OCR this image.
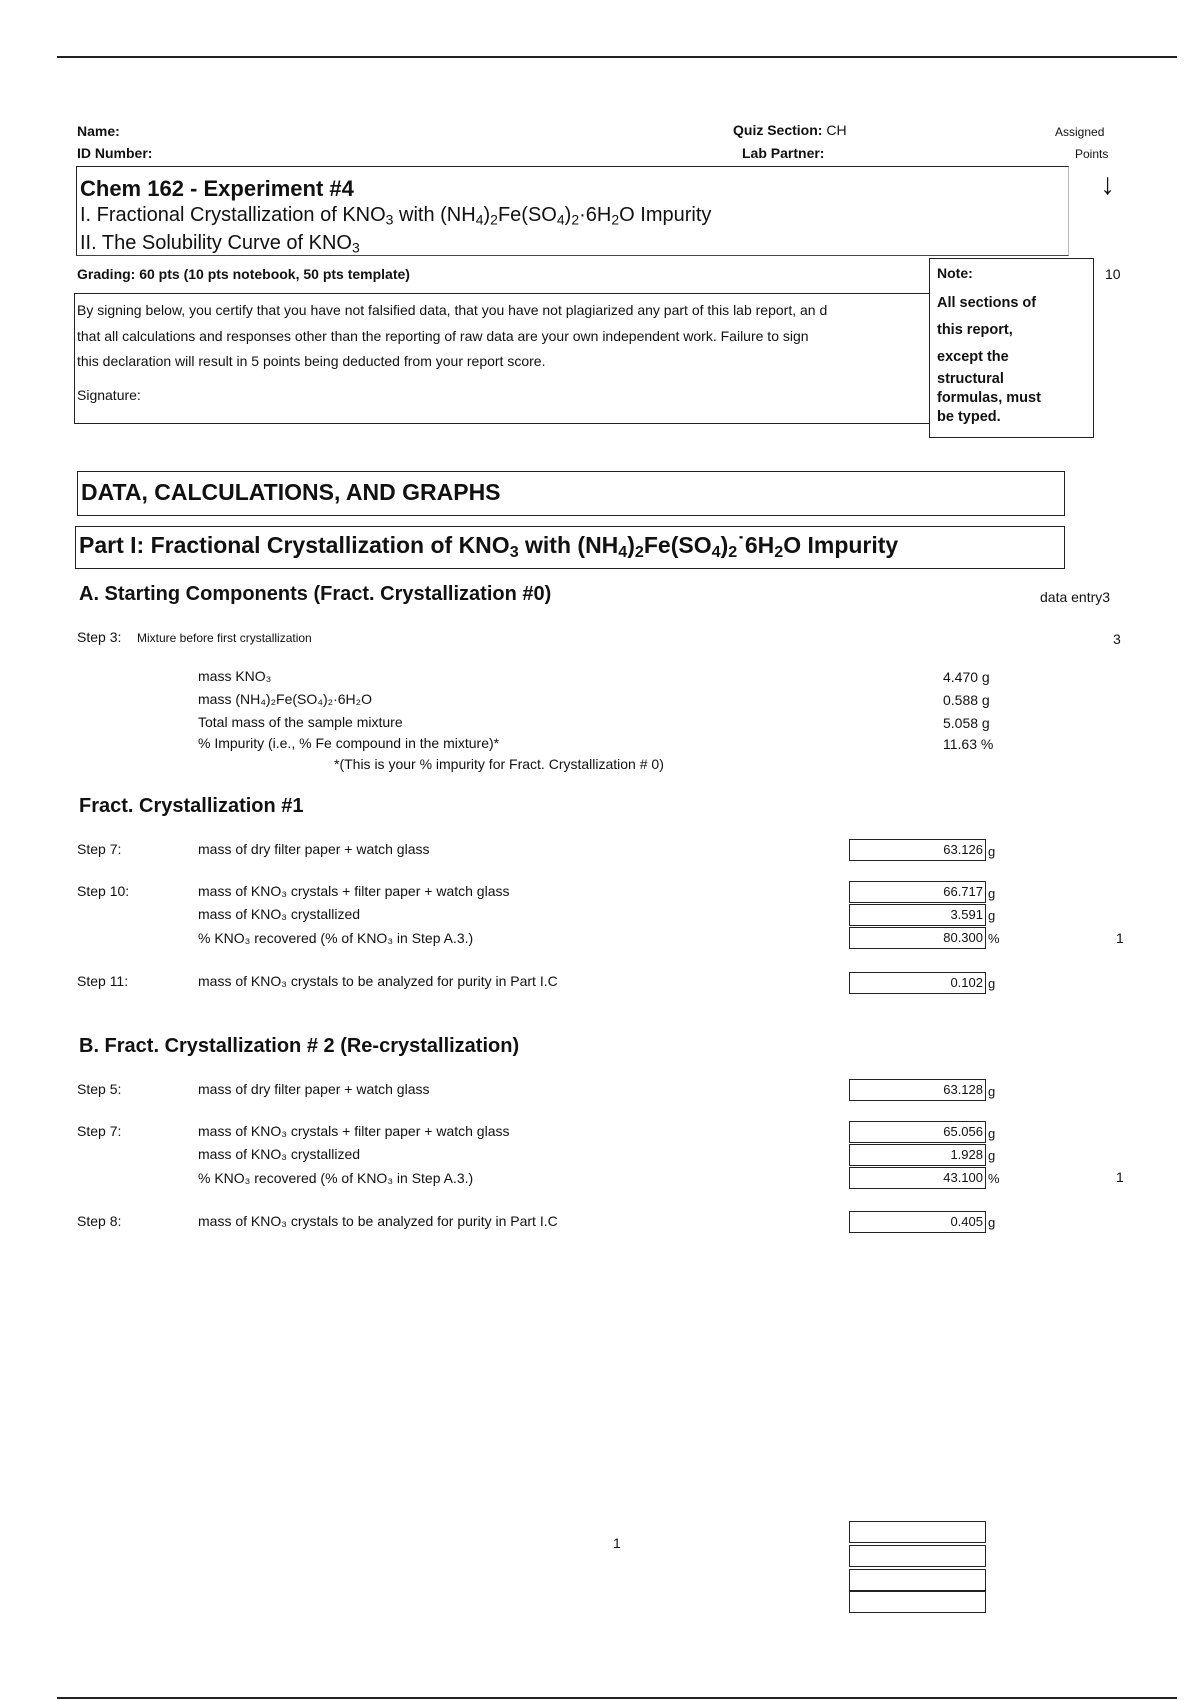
Name:
ID Number:
Quiz Section: CH
Lab Partner:
Assigned
Points
↓
Chem 162 - Experiment #4
I. Fractional Crystallization of $KNO_3$ with $(NH_4)_2Fe(SO_4)_2\cdot 6H_2O$ Impurity
II. The Solubility Curve of $KNO_3$
Grading: 60 pts (10 pts notebook, 50 pts template)	10
By signing below, you certify that you have not falsified data, that you have not plagiarized any part of this lab report, an d
that all calculations and responses other than the reporting of raw data are your own independent work. Failure to sign
this declaration will result in 5 points being deducted from your report score.
Signature:
Note:
All sections of
this report,
except the
structural
formulas, must
be typed.
DATA, CALCULATIONS, AND GRAPHS
Part I: Fractional Crystallization of $KNO_3$ with $(NH_4)_2Fe(SO_4)_2˙6H_2O$ Impurity
A. Starting Components (Fract. Crystallization #0)	data entry3
Step 3: Mixture before first crystallization	3
mass KNO₃	4.470 g
mass (NH₄)₂Fe(SO₄)₂·6H₂O	0.588 g
Total mass of the sample mixture	5.058 g
% Impurity (i.e., % Fe compound in the mixture)*	11.63 %
*(This is your % impurity for Fract. Crystallization # 0)
Fract. Crystallization #1
Step 7:	mass of dry filter paper + watch glass	63.126 g
Step 10:	mass of KNO₃ crystals + filter paper + watch glass	66.717 g
mass of KNO₃ crystallized	3.591 g
% KNO₃ recovered (% of KNO₃ in Step A.3.)	80.300 %	1
Step 11:	mass of KNO₃ crystals to be analyzed for purity in Part I.C	0.102 g
B. Fract. Crystallization # 2 (Re-crystallization)
Step 5:	mass of dry filter paper + watch glass	63.128 g
Step 7:	mass of KNO₃ crystals + filter paper + watch glass	65.056 g
mass of KNO₃ crystallized	1.928 g
% KNO₃ recovered (% of KNO₃ in Step A.3.)	43.100 %	1
Step 8:	mass of KNO₃ crystals to be analyzed for purity in Part I.C	0.405 g
1
